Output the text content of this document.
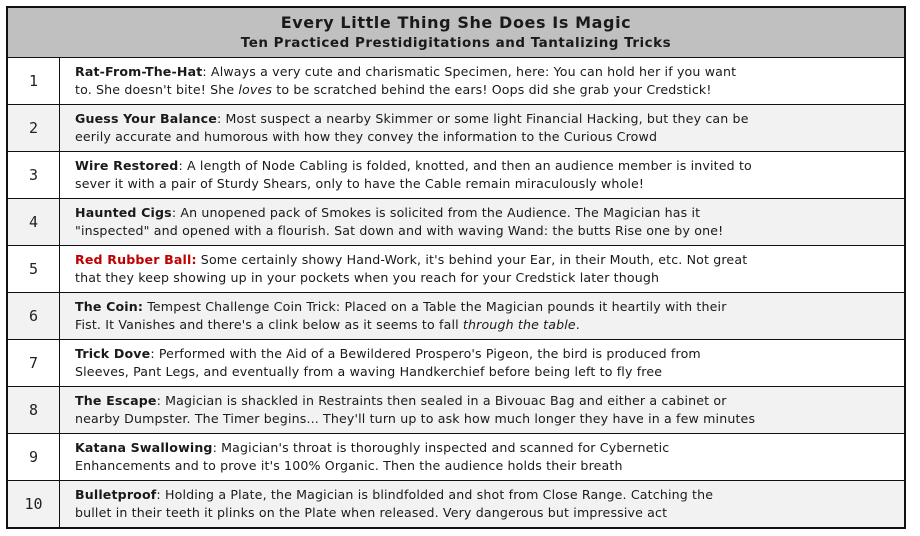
Every Little Thing She Does Is Magic
Ten Practiced Prestidigitations and Tantalizing Tricks
1
Rat-From-The-Hat: Always a very cute and charismatic Specimen, here: You can hold her if you want
to. She doesn't bite! She loves to be scratched behind the ears! Oops did she grab your Credstick!
2
Guess Your Balance: Most suspect a nearby Skimmer or some light Financial Hacking, but they can be
eerily accurate and humorous with how they convey the information to the Curious Crowd
3
Wire Restored: A length of Node Cabling is folded, knotted, and then an audience member is invited to
sever it with a pair of Sturdy Shears, only to have the Cable remain miraculously whole!
4
Haunted Cigs: An unopened pack of Smokes is solicited from the Audience. The Magician has it
"inspected" and opened with a flourish. Sat down and with waving Wand: the butts Rise one by one!
5
Red Rubber Ball: Some certainly showy Hand-Work, it's behind your Ear, in their Mouth, etc. Not great
that they keep showing up in your pockets when you reach for your Credstick later though
6
The Coin: Tempest Challenge Coin Trick: Placed on a Table the Magician pounds it heartily with their
Fist. It Vanishes and there's a clink below as it seems to fall through the table.
7
Trick Dove: Performed with the Aid of a Bewildered Prospero's Pigeon, the bird is produced from
Sleeves, Pant Legs, and eventually from a waving Handkerchief before being left to fly free
8
The Escape: Magician is shackled in Restraints then sealed in a Bivouac Bag and either a cabinet or
nearby Dumpster. The Timer begins... They'll turn up to ask how much longer they have in a few minutes
9
Katana Swallowing: Magician's throat is thoroughly inspected and scanned for Cybernetic
Enhancements and to prove it's 100% Organic. Then the audience holds their breath
10
Bulletproof: Holding a Plate, the Magician is blindfolded and shot from Close Range. Catching the
bullet in their teeth it plinks on the Plate when released. Very dangerous but impressive act
